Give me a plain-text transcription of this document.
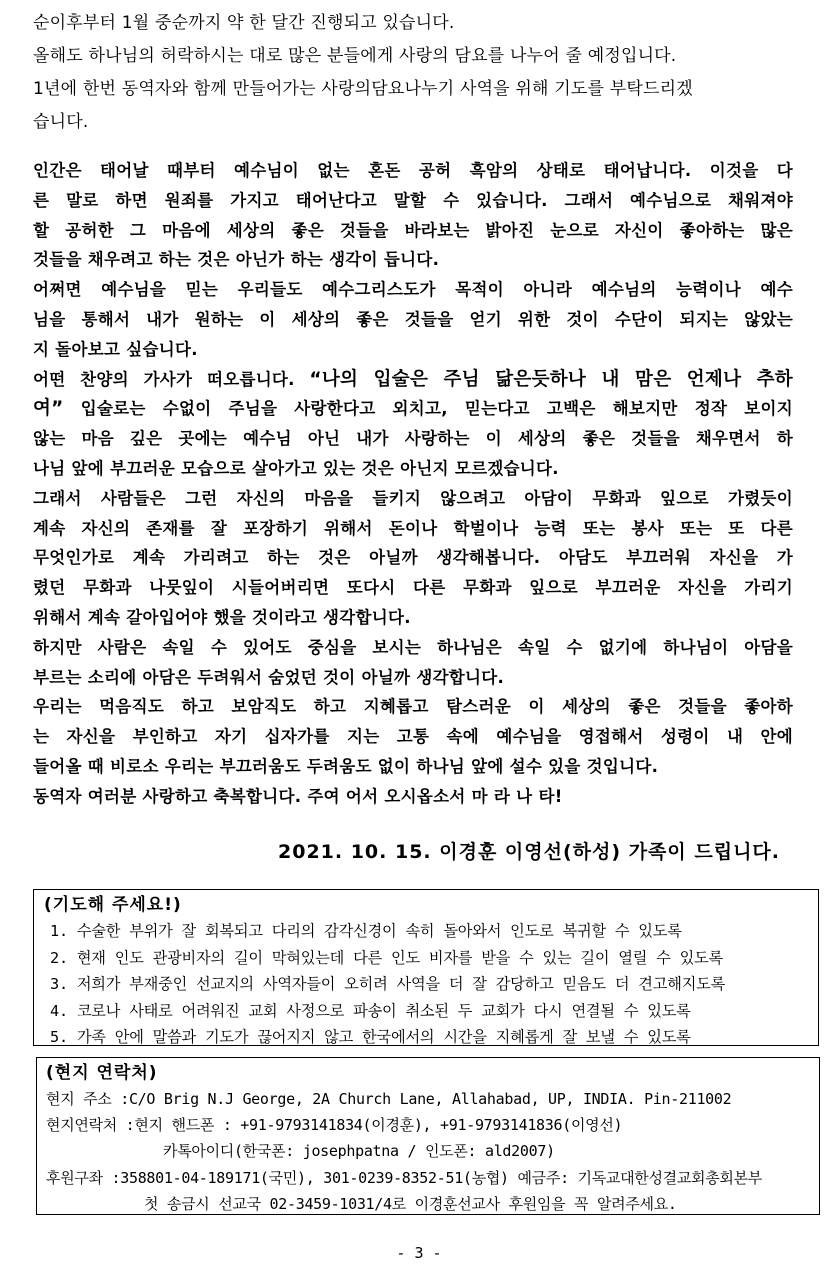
순이후부터 1월 중순까지 약 한 달간 진행되고 있습니다.

올해도 하나님의 허락하시는 대로 많은 분들에게 사랑의 담요를 나누어 줄 예정입니다.

1년에 한번 동역자와 함께 만들어가는 사랑의담요나누기 사역을 위해 기도를 부탁드리겠

습니다.

인간은 태어날 때부터 예수님이 없는 혼돈 공허 흑암의 상태로 태어납니다. 이것을 다
른 말로 하면 원죄를 가지고 태어난다고 말할 수 있습니다. 그래서 예수님으로 채워져야
할 공허한 그 마음에 세상의 좋은 것들을 바라보는 밝아진 눈으로 자신이 좋아하는 많은
것들을 채우려고 하는 것은 아닌가 하는 생각이 듭니다.
어쩌면 예수님을 믿는 우리들도 예수그리스도가 목적이 아니라 예수님의 능력이나 예수
님을 통해서 내가 원하는 이 세상의 좋은 것들을 얻기 위한 것이 수단이 되지는 않았는
지 돌아보고 싶습니다.
어떤 찬양의 가사가 떠오릅니다. “나의 입술은 주님 닮은듯하나 내 맘은 언제나 추하
여” 입술로는 수없이 주님을 사랑한다고 외치고, 믿는다고 고백은 해보지만 정작 보이지
않는 마음 깊은 곳에는 예수님 아닌 내가 사랑하는 이 세상의 좋은 것들을 채우면서 하
나님 앞에 부끄러운 모습으로 살아가고 있는 것은 아닌지 모르겠습니다.
그래서 사람들은 그런 자신의 마음을 들키지 않으려고 아담이 무화과 잎으로 가렸듯이
계속 자신의 존재를 잘 포장하기 위해서 돈이나 학벌이나 능력 또는 봉사 또는 또 다른
무엇인가로 계속 가리려고 하는 것은 아닐까 생각해봅니다. 아담도 부끄러워 자신을 가
렸던 무화과 나뭇잎이 시들어버리면 또다시 다른 무화과 잎으로 부끄러운 자신을 가리기
위해서 계속 갈아입어야 했을 것이라고 생각합니다.
하지만 사람은 속일 수 있어도 중심을 보시는 하나님은 속일 수 없기에 하나님이 아담을
부르는 소리에 아담은 두려워서 숨었던 것이 아닐까 생각합니다.
우리는 먹음직도 하고 보암직도 하고 지혜롭고 탐스러운 이 세상의 좋은 것들을 좋아하
는 자신을 부인하고 자기 십자가를 지는 고통 속에 예수님을 영접해서 성령이 내 안에
들어올 때 비로소 우리는 부끄러움도 두려움도 없이 하나님 앞에 설수 있을 것입니다.
동역자 여러분 사랑하고 축복합니다. 주여 어서 오시옵소서 마 라 나 타!
2021. 10. 15. 이경훈 이영선(하성) 가족이 드립니다.
(기도해 주세요!)
1. 수술한 부위가 잘 회복되고 다리의 감각신경이 속히 돌아와서 인도로 복귀할 수 있도록
2. 현재 인도 관광비자의 길이 막혀있는데 다른 인도 비자를 받을 수 있는 길이 열릴 수 있도록
3. 저희가 부재중인 선교지의 사역자들이 오히려 사역을 더 잘 감당하고 믿음도 더 견고해지도록
4. 코로나 사태로 어려워진 교회 사정으로 파송이 취소된 두 교회가 다시 연결될 수 있도록
5. 가족 안에 말씀과 기도가 끊어지지 않고 한국에서의 시간을 지혜롭게 잘 보낼 수 있도록
(현지 연락처)
현지 주소 :C/O Brig N.J George, 2A Church Lane, Allahabad, UP, INDIA. Pin-211002
현지연락처 :현지 핸드폰 : +91-9793141834(이경훈), +91-9793141836(이영선)
카톡아이디(한국폰: josephpatna / 인도폰: ald2007)
후원구좌 :358801-04-189171(국민), 301-0239-8352-51(농협) 예금주: 기독교대한성결교회총회본부
첫 송금시 선교국 02-3459-1031/4로 이경훈선교사 후원임을 꼭 알려주세요.
- 3 -
